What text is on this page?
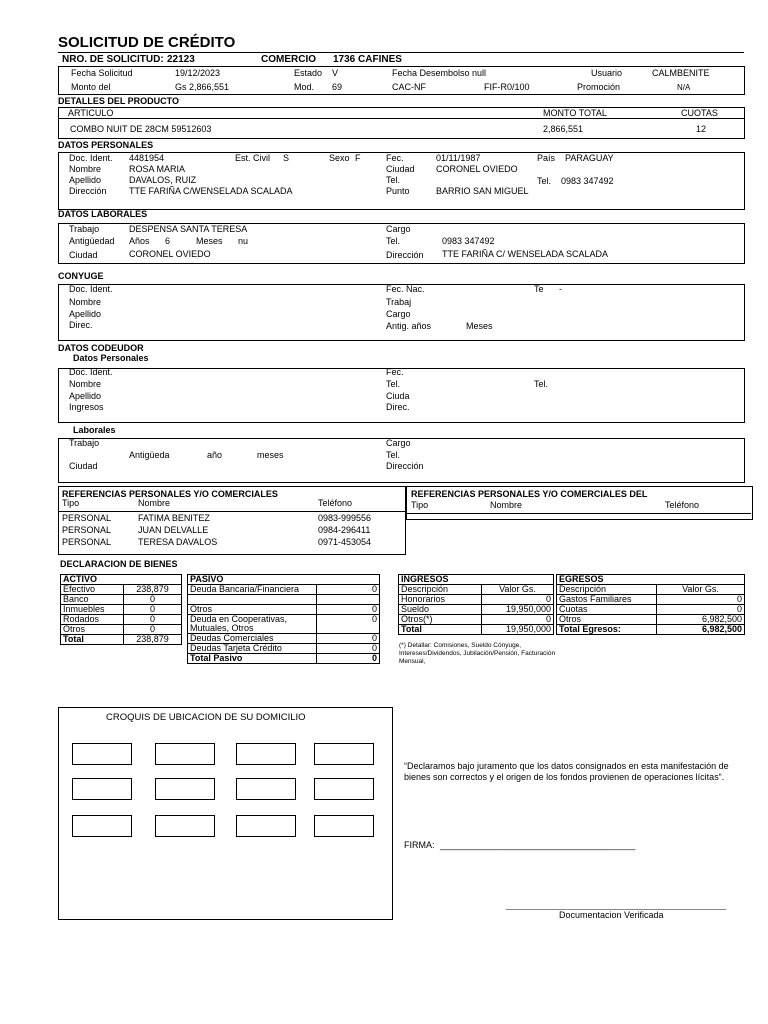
SOLICITUD DE CRÉDITO
NRO. DE SOLICITUD: 22123	COMERCIO 1736 CAFINES
Fecha Solicitud	19/12/2023	Estado V	Fecha Desembolso null	Usuario	CALMBENITE
Monto del	Gs 2,866,551	Mod. 69	CAC-NF	FIF-R0/100	Promoción	N/A
DETALLES DEL PRODUCTO
ARTICULO	MONTO TOTAL	CUOTAS
COMBO NUIT DE 28CM 59512603	2,866,551	12
DATOS PERSONALES
Doc. Ident. 4481954	Est. Civil S	Sexo F	Fec.	01/11/1987	País PARAGUAY
Nombre	ROSA MARIA	Ciudad CORONEL OVIEDO
Apellido	DAVALOS, RUIZ	Tel.	Tel. 0983 347492
Dirección TTE FARIÑA C/WENSELADA SCALADA	Punto	BARRIO SAN MIGUEL
DATOS LABORALES
Trabajo	DESPENSA SANTA TERESA	Cargo
Antigüedad Años 6	Meses nu	Tel.	0983 347492
Ciudad	CORONEL OVIEDO	Dirección TTE FARIÑA C/ WENSELADA SCALADA
CONYUGE
Doc. Ident.	Fec. Nac.	Te -
Nombre	Trabaj
Apellido	Cargo
Direc.	Antig. años	Meses
DATOS CODEUDOR
Datos Personales
Doc. Ident.	Fec.
Nombre	Tel.	Tel.
Apellido	Ciuda
Ingresos	Direc.
Laborales
Trabajo	Cargo
Antigüeda	año	meses	Tel.
Ciudad	Dirección
REFERENCIAS PERSONALES Y/O COMERCIALES
Tipo	Nombre	Teléfono
PERSONAL	FATIMA BENITEZ	0983-999556
PERSONAL	JUAN DELVALLE	0984-296411
PERSONAL	TERESA DAVALOS	0971-453054
REFERENCIAS PERSONALES Y/O COMERCIALES DEL
Tipo	Nombre	Teléfono
DECLARACION DE BIENES
ACTIVO	
Efectivo	238,879
Banco	0
Inmuebles	0
Rodados	0
Otros	0
Total	238,879
PASIVO	
Deuda Bancaria/Financiera	0

Otros	0
Deuda en Cooperativas, Mutuales, Otros	0
Deudas Comerciales	0
Deudas Tarjeta Crédito	0
Total Pasivo	0
INGRESOS	
Descripción	Valor Gs.
Honorarios	0
Sueldo	19,950,000
Otros(*)	0
Total	19,950,000
(*) Detallar: Comisiones, Sueldo Cónyuge, Intereses/Dividendos, Jubilación/Pensión, Facturación Mensual,
EGRESOS	
Descripción	Valor Gs.
Gastos Familiares	0
Cuotas	0
Otros	6,982,500
Total Egresos:	6,982,500
CROQUIS DE UBICACION DE SU DOMICILIO
“Declaramos bajo juramento que los datos consignados en esta manifestación de bienes son correctos y el origen de los fondos provienen de operaciones lícitas“.
FIRMA: _______________________________________
Documentacion Verificada
